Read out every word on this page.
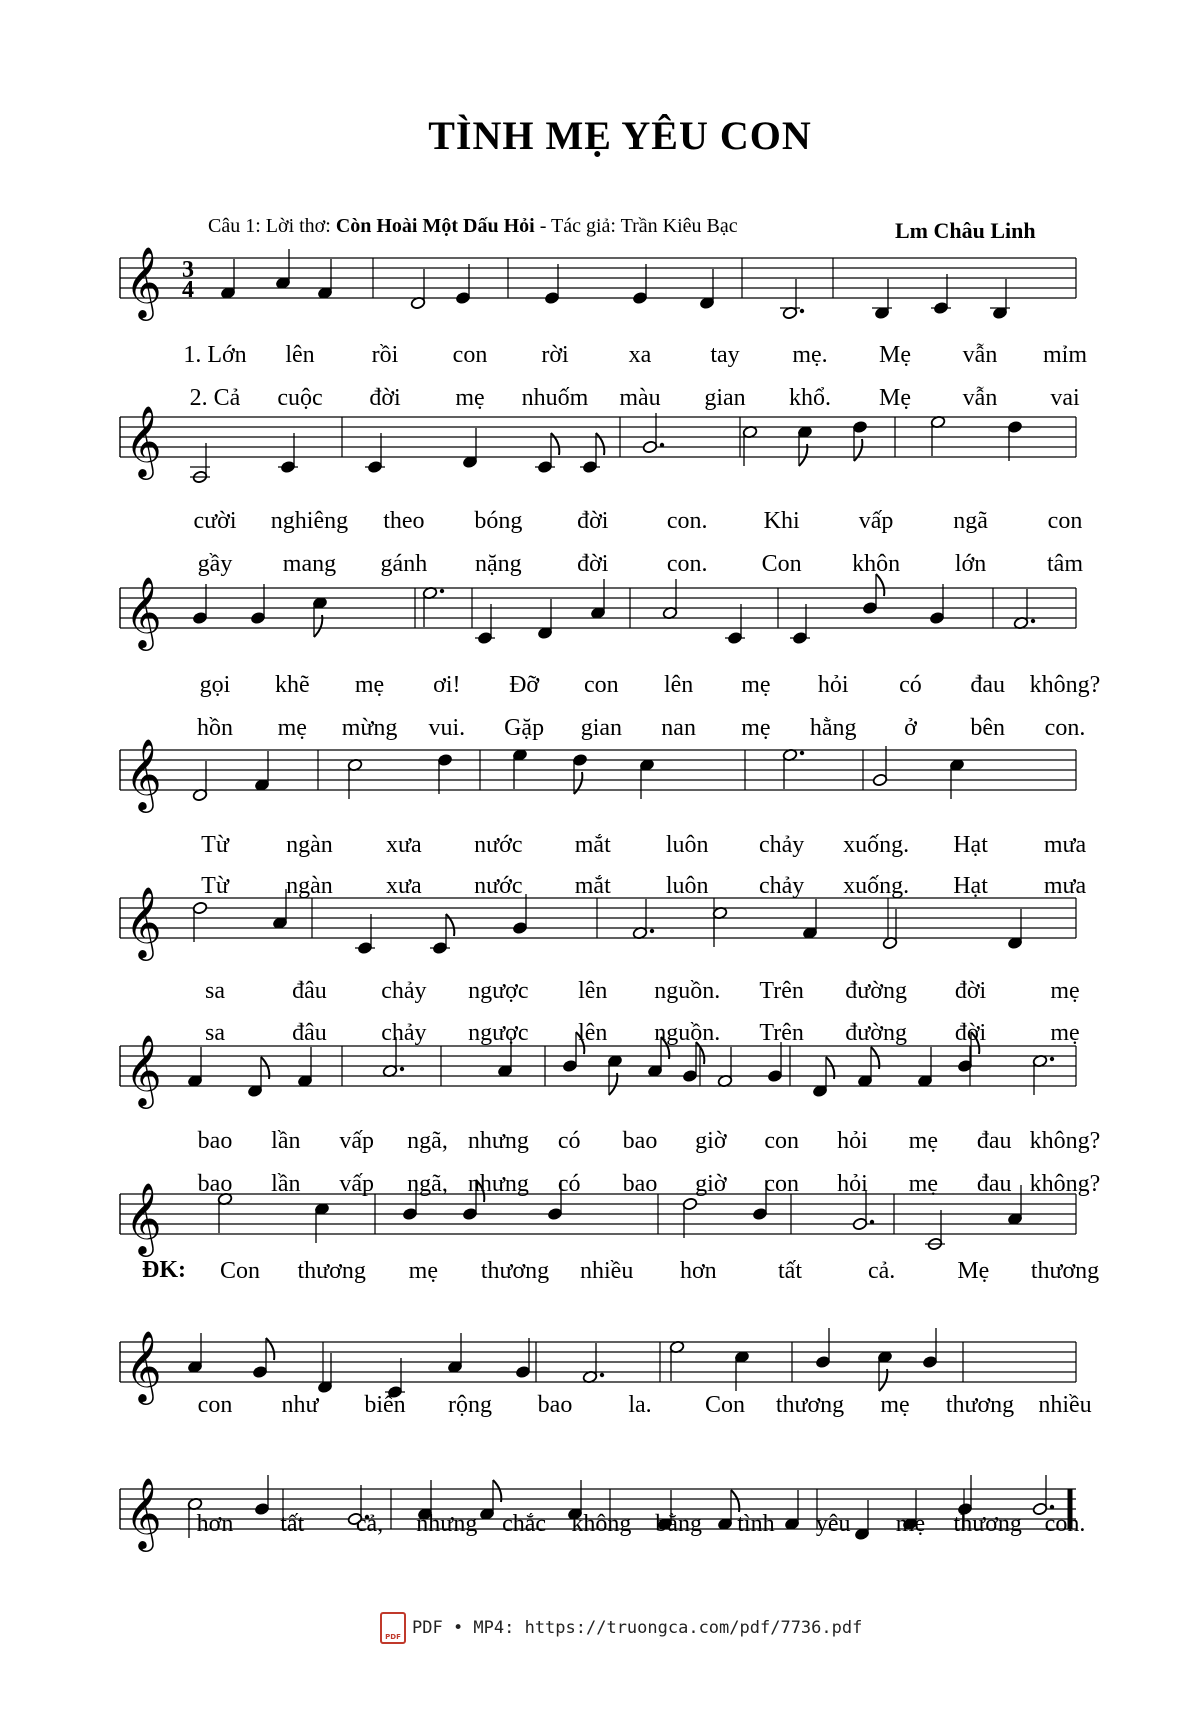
TÌNH MẸ YÊU CON
Câu 1: Lời thơ: Còn Hoài Một Dấu Hỏi - Tác giả: Trần Kiêu Bạc	Lm Châu Linh
𝄞 3
4
𝄞
𝄞
𝄞
𝄞
𝄞
𝄞
𝄞
𝄞
1. Lớn lên rồi con rời xa tay mẹ. Mẹ vẫn mỉm
2. Cả cuộc đời mẹ nhuốm màu gian khổ. Mẹ vẫn vai
cười nghiêng theo bóng đời con. Khi vấp ngã con
gầy mang gánh nặng đời con. Con khôn lớn	tâm
gọi khẽ mẹ ơi! Đỡ con lên mẹ hỏi có đau không?
hồn mẹ mừng vui. Gặp gian nan mẹ hằng ở bên con.
Từ ngàn xưa nước mắt luôn chảy xuống. Hạt mưa
Từ ngàn xưa nước mắt luôn chảy xuống. Hạt mưa
sa	đâu chảy ngược lên nguồn. Trên đường đời	mẹ
sa	đâu chảy ngược lên nguồn. Trên đường đời	mẹ
bao lần vấp ngã, nhưng có bao giờ con hỏi mẹ đau không?
bao lần vấp ngã, nhưng có bao giờ con hỏi mẹ đau không?
Con thương mẹ thương nhiều hơn	tất	cả.	Mẹ thương
con như biển rộng bao la. Con thương mẹ thương nhiều
hơn tất cả, nhưng chắc không bằng tình yêu mẹ thương con.
ĐK:
PDF PDF • MP4: https://truongca.com/pdf/7736.pdf
